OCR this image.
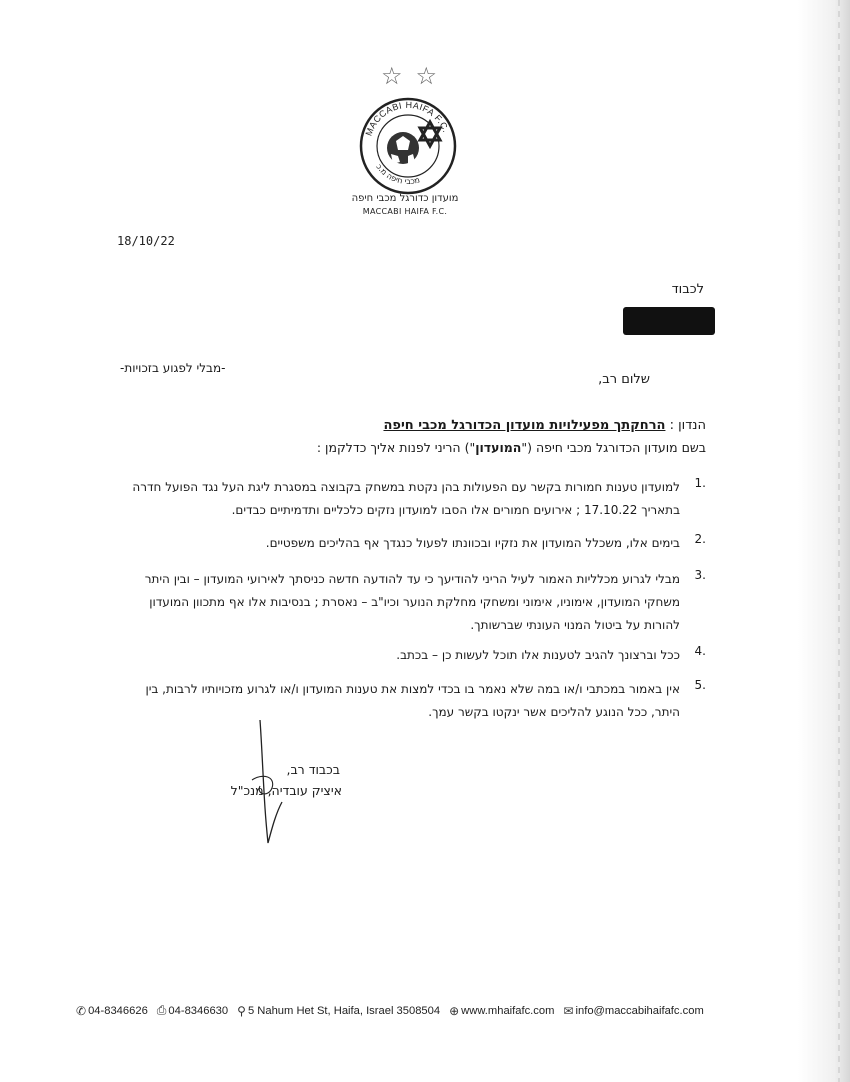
☆ ☆
MACCABI HAIFA F.C.
מכבי חיפה מ.כ
מועדון כדורגל מכבי חיפה
MACCABI HAIFA F.C.
18/10/22
לכבוד
-מבלי לפגוע בזכויות-
שלום רב,
הנדון : הרחקתך מפעילויות מועדון הכדורגל מכבי חיפה
בשם מועדון הכדורגל מכבי חיפה ("המועדון") הריני לפנות אליך כדלקמן :
.1

למועדון טענות חמורות בקשר עם הפעולות בהן נקטת במשחק בקבוצה במסגרת ליגת העל נגד הפועל חדרה

בתאריך 17.10.22 ; אירועים חמורים אלו הסבו למועדון נזקים כלכליים ותדמיתיים כבדים.

.2

בימים אלו, משכלל המועדון את נזקיו ובכוונתו לפעול כנגדך אף בהליכים משפטיים.

.3

מבלי לגרוע מכלליות האמור לעיל הריני להודיעך כי עד להודעה חדשה כניסתך לאירועי המועדון – ובין היתר

משחקי המועדון, אימוניו, אימוני ומשחקי מחלקת הנוער וכיו"ב – נאסרת ; בנסיבות אלו אף מתכוון המועדון

להורות על ביטול המנוי העונתי שברשותך.

.4

ככל וברצונך להגיב לטענות אלו תוכל לעשות כן – בכתב.

.5

אין באמור במכתבי ו/או במה שלא נאמר בו בכדי למצות את טענות המועדון ו/או לגרוע מזכויותיו לרבות, בין

היתר, ככל הנוגע להליכים אשר ינקטו בקשר עמך.

בכבוד רב,
איציק עובדיה, מנכ"ל
✆ 04-8346626 ⎙ 04-8346630 ⚲ 5 Nahum Het St, Haifa, Israel 3508504 ⊕ www.mhaifafc.com ✉ info@maccabihaifafc.com
